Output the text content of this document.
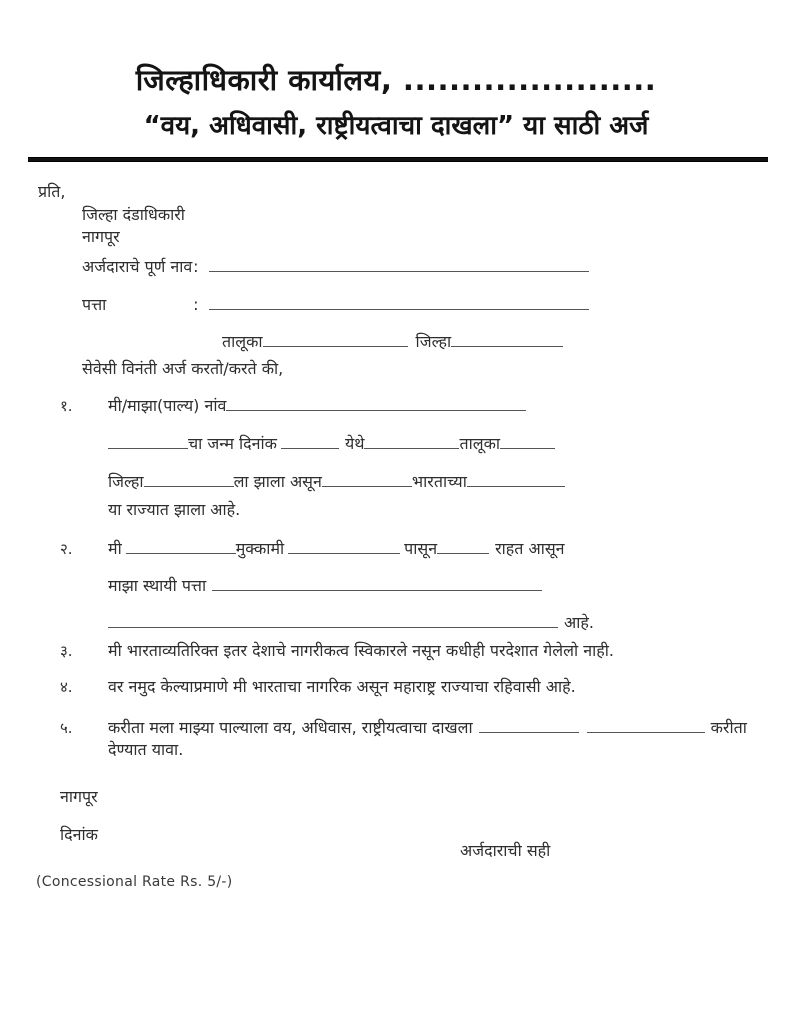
जिल्हाधिकारी कार्यालय, ......................
“वय, अधिवासी, राष्ट्रीयत्वाचा दाखला” या साठी अर्ज
प्रति,
जिल्हा दंडाधिकारी
नागपूर
अर्जदाराचे पूर्ण नाव :
पत्ता	:
तालूका	जिल्हा
सेवेसी विनंती अर्ज करतो/करते की,
१. मी/माझा(पाल्य) नांव
चा जन्म दिनांक	येथे	तालूका
जिल्हा	ला झाला असून	भारताच्या
या राज्यात झाला आहे.
२. मी	मुक्कामी	पासून	राहत आसून
माझा स्थायी पत्ता
आहे.
३. मी भारताव्यतिरिक्त इतर देशाचे नागरीकत्व स्विकारले नसून कधीही परदेशात गेलेलो नाही.
४. वर नमुद केल्याप्रमाणे मी भारताचा नागरिक असून महाराष्ट्र राज्याचा रहिवासी आहे.
५. करीता मला माझ्या पाल्याला वय, अधिवास, राष्ट्रीयत्वाचा दाखला	करीता
देण्यात यावा.
नागपूर
दिनांक
अर्जदाराची सही
(Concessional Rate Rs. 5/-)
